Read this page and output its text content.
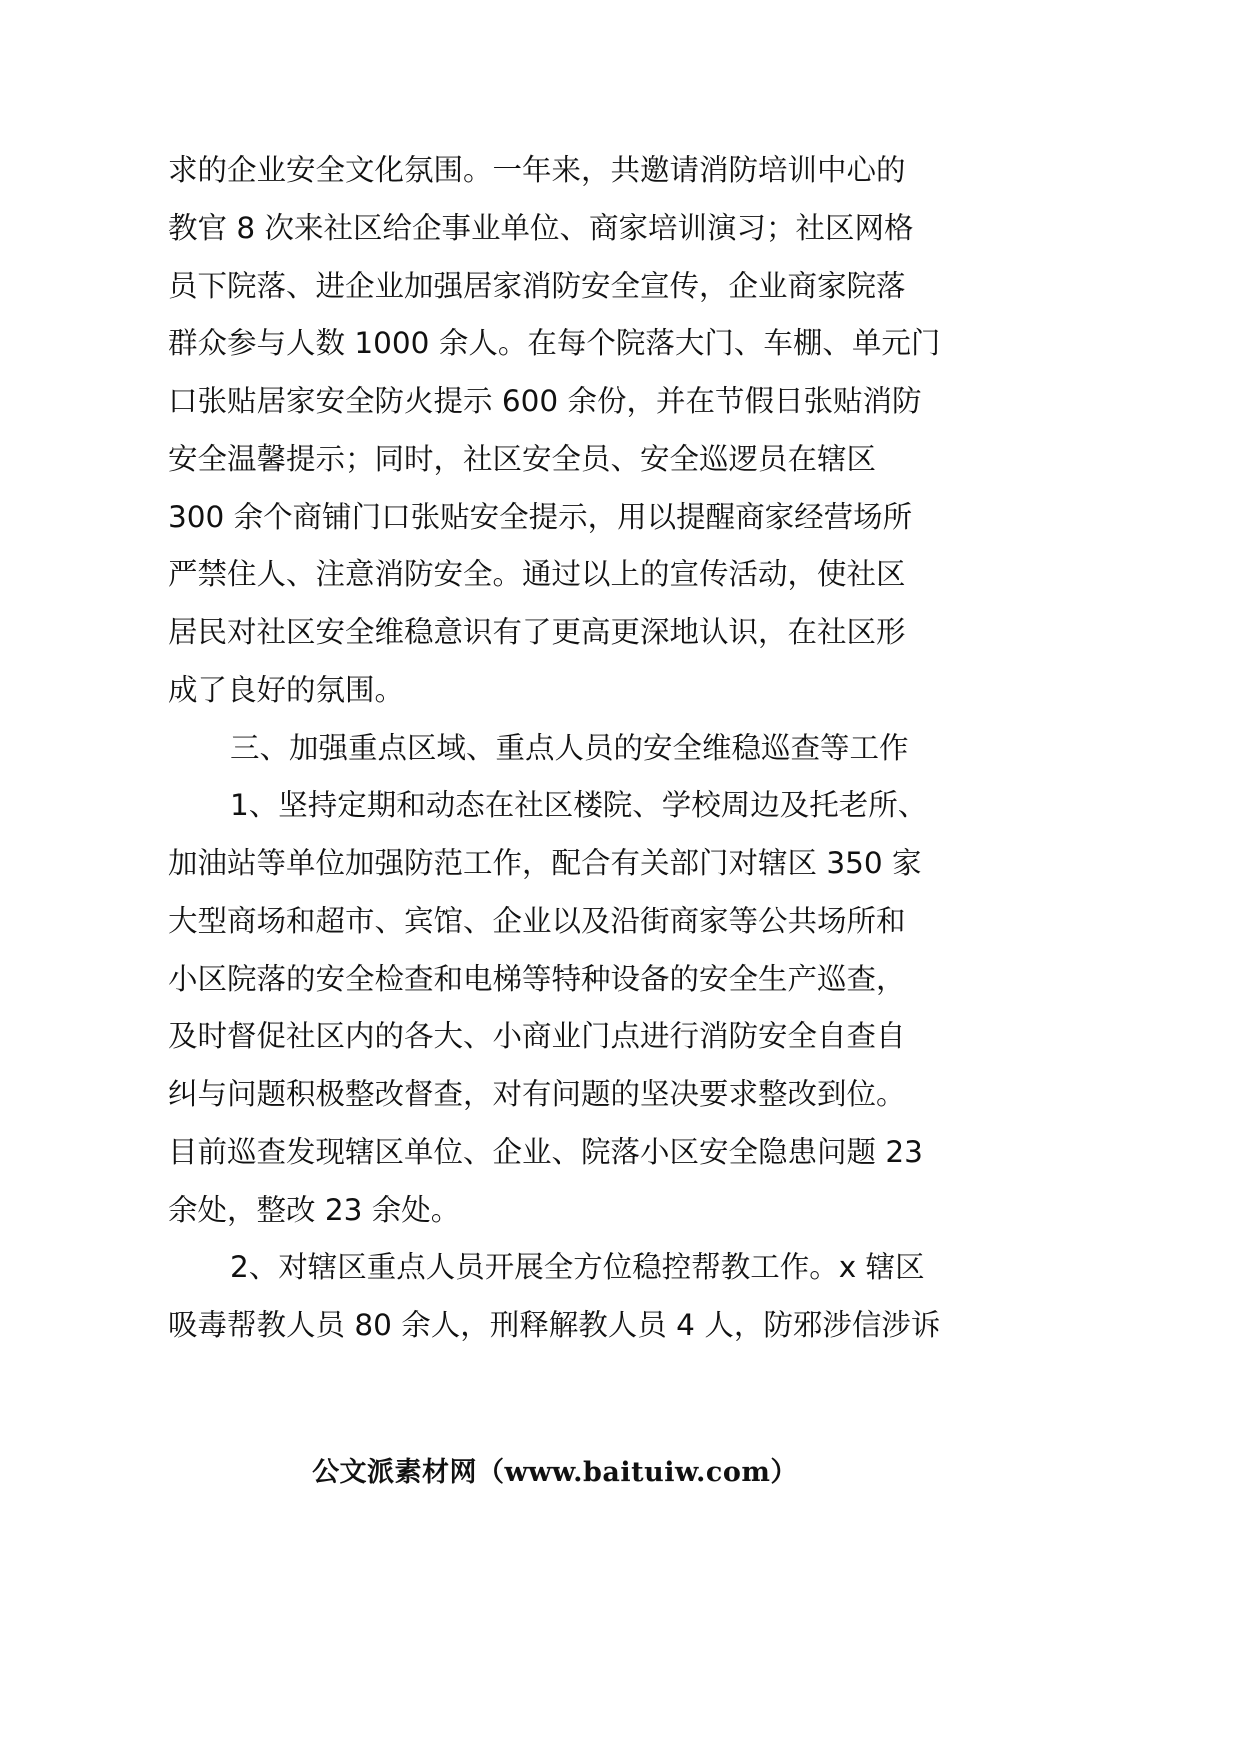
求的企业安全文化氛围。一年来，共邀请消防培训中心的
教官 8 次来社区给企事业单位、商家培训演习；社区网格
员下院落、进企业加强居家消防安全宣传，企业商家院落
群众参与人数 1000 余人。在每个院落大门、车棚、单元门
口张贴居家安全防火提示 600 余份，并在节假日张贴消防
安全温馨提示；同时，社区安全员、安全巡逻员在辖区
300 余个商铺门口张贴安全提示，用以提醒商家经营场所
严禁住人、注意消防安全。通过以上的宣传活动，使社区
居民对社区安全维稳意识有了更高更深地认识，在社区形
成了良好的氛围。
三、加强重点区域、重点人员的安全维稳巡查等工作
1、坚持定期和动态在社区楼院、学校周边及托老所、
加油站等单位加强防范工作，配合有关部门对辖区 350 家
大型商场和超市、宾馆、企业以及沿街商家等公共场所和
小区院落的安全检查和电梯等特种设备的安全生产巡查，
及时督促社区内的各大、小商业门点进行消防安全自查自
纠与问题积极整改督查，对有问题的坚决要求整改到位。
目前巡查发现辖区单位、企业、院落小区安全隐患问题 23
余处，整改 23 余处。
2、对辖区重点人员开展全方位稳控帮教工作。x 辖区
吸毒帮教人员 80 余人，刑释解教人员 4 人，防邪涉信涉诉
公文派素材网（www.baituiw.com）
